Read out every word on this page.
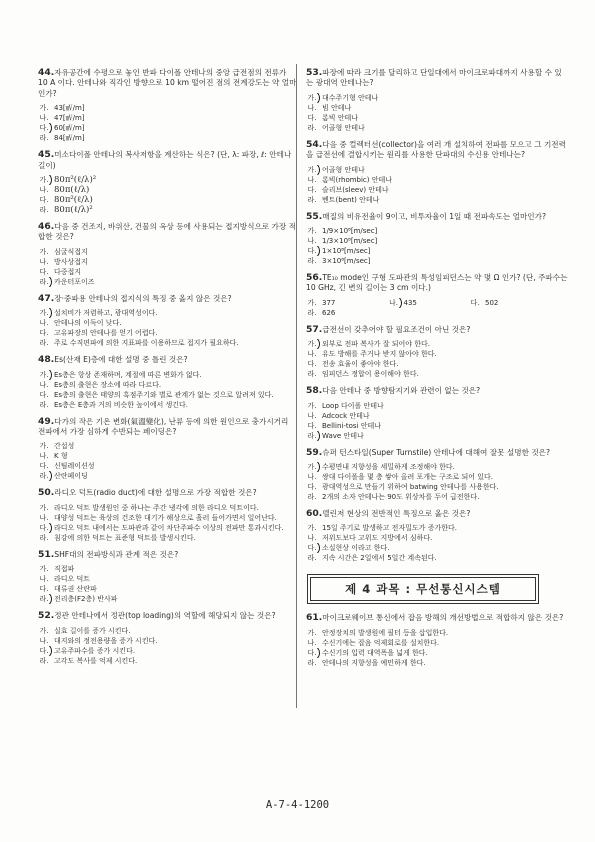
44.자유공간에 수평으로 놓인 반파 다이폴 안테나의 중앙 급전점의 전류가 10 A 이다. 안테나와 직각인 방향으로 10 km 떨어진 점의 전계강도는 약 얼마인가?
가. 43[㎷/m]
나. 47[㎷/m]
다. 60[㎷/m]
라. 84[㎷/m]
45.미소다이폴 안테나의 복사저항을 계산하는 식은? (단, λ: 파장, ℓ: 안테나 길이)
가. 80π²(ℓ/λ)²
나. 80π(ℓ/λ)
다. 80π²(ℓ/λ)
라. 80π(ℓ/λ)²
46.다음 중 건조지, 바위산, 건물의 옥상 등에 사용되는 접지방식으로 가장 적합한 것은?
가. 심굴식접지
나. 방사상접지
다. 다중접지
라. 카운터포이즈
47.장·중파용 안테나의 접지식의 특징 중 옳지 않은 것은?
가. 설치비가 저렴하고, 광대역성이다.
나. 안테나의 이득이 낮다.
다. 고유파장의 안테나를 얻기 어렵다.
라. 주로 수직편파에 의한 지표파를 이용하므로 접지가 필요하다.
48.Es(산재 E)층에 대한 설명 중 틀린 것은?
가. Es층은 항상 존재하며, 계절에 따른 변화가 없다.
나. Es층의 출현은 장소에 따라 다르다.
다. Es층의 출현은 태양의 흑점주기와 별로 관계가 없는 것으로 알려져 있다.
라. Es층은 E층과 거의 비슷한 높이에서 생긴다.
49.다가의 작은 기온 변화(氣溫變化), 난류 등에 의한 원인으로 충가시거리 전파에서 가장 심하게 수반되는 페이딩은?
가. 간섭성
나. K 형
다. 신틸레이션성
라. 산란페이딩
50.라디오 덕트(radio duct)에 대한 설명으로 가장 적합한 것은?
가. 라디오 덕트 발생원인 중 하나는 주간 냉각에 의한 라디오 덕트이다.
나. 대양성 덕트는 육상의 건조한 대기가 해상으로 흘러 들어가면서 일어난다.
다. 라디오 덕트 내에서는 도파관과 같이 차단주파수 이상의 전파만 통과시킨다.
라. 침강에 의한 덕트는 표준형 덕트를 발생시킨다.
51.SHF대의 전파방식과 관계 적은 것은?
가. 직접파
나. 라디오 덕트
다. 대류권 산란파
라. 전리층(F2층) 반사파
52.정관 안테나에서 정관(top loading)의 역할에 해당되지 않는 것은?
가. 실효 길이를 증가 시킨다.
나. 대지와의 정전용량을 증가 시킨다.
다. 고유주파수를 증가 시킨다.
라. 고각도 복사를 억제 시킨다.
53.파장에 따라 크기를 달리하고 단일대에서 마이크로파대까지 사용할 수 있는 광대역 안테나는?
가. 대수주기형 안테나
나. 빔 안테나
다. 롬빅 안테나
라. 어골형 안테나
54.다음 중 컬렉터선(collector)을 여러 개 설치하여 전파를 모으고 그 기전력을 급전선에 결합시키는 원리를 사용한 단파대의 수신용 안테나는?
가. 어골형 안테나
나. 롬빅(rhombic) 안테나
다. 슬리브(sleev) 안테나
라. 벤트(bent) 안테나
55.매질의 비유전율이 9이고, 비투자율이 1일 때 전파속도는 얼마인가?
가. 1/9×10⁸[m/sec]
나. 1/3×10⁸[m/sec]
다. 1×10⁸[m/sec]
라. 3×10⁸[m/sec]
56.TE₁₀ mode인 구형 도파관의 특성임피던스는 약 몇 Ω 인가? (단, 주파수는 10 GHz, 긴 변의 길이는 3 cm 이다.)
가. 377	나. 435	다. 502
라. 626
57.급전선이 갖추어야 할 필요조건이 아닌 것은?
가. 외부로 전파 복사가 잘 되어야 한다.
나. 유도 방해를 주거나 받지 않아야 한다.
다. 전송 효율이 좋아야 한다.
라. 임피던스 정합이 용이해야 한다.
58.다음 안테나 중 방향탐지기와 관련이 없는 것은?
가. Loop 다이폴 안테나
나. Adcock 안테나
다. Bellini-tosi 안테나
라. Wave 안테나
59.슈퍼 턴스타일(Super Turnstile) 안테나에 대해여 잘못 설명한 것은?
가. 수평면내 지향성을 세밀하게 조정해야 한다.
나. 쌍대 다이폴을 몇 층 쌓아 올려 포개는 구조로 되어 있다.
다. 광대역성으로 만들기 위하여 batwing 안테나를 사용한다.
라. 2개의 소자 안테나는 90도 위상차를 두어 급전한다.
60.델린저 현상의 전반적인 특징으로 옳은 것은?
가. 15일 주기로 발생하고 전자밀도가 증가한다.
나. 저위도보다 고위도 지방에서 심하다.
다. 소실현상 이라고 한다.
라. 지속 시간은 2일에서 5일간 계속된다.
제 4 과목 : 무선통신시스템
61.마이크로웨이브 통신에서 잡음 방해의 개선방법으로 적합하지 않은 것은?
가. 안정장치의 발생원에 필터 등을 삽입한다.
나. 수신기에는 잡음 억제회로를 설치한다.
다. 수신기의 입력 대역폭을 넓게 한다.
라. 안테나의 지향성을 예민하게 한다.
A-7-4-1200
